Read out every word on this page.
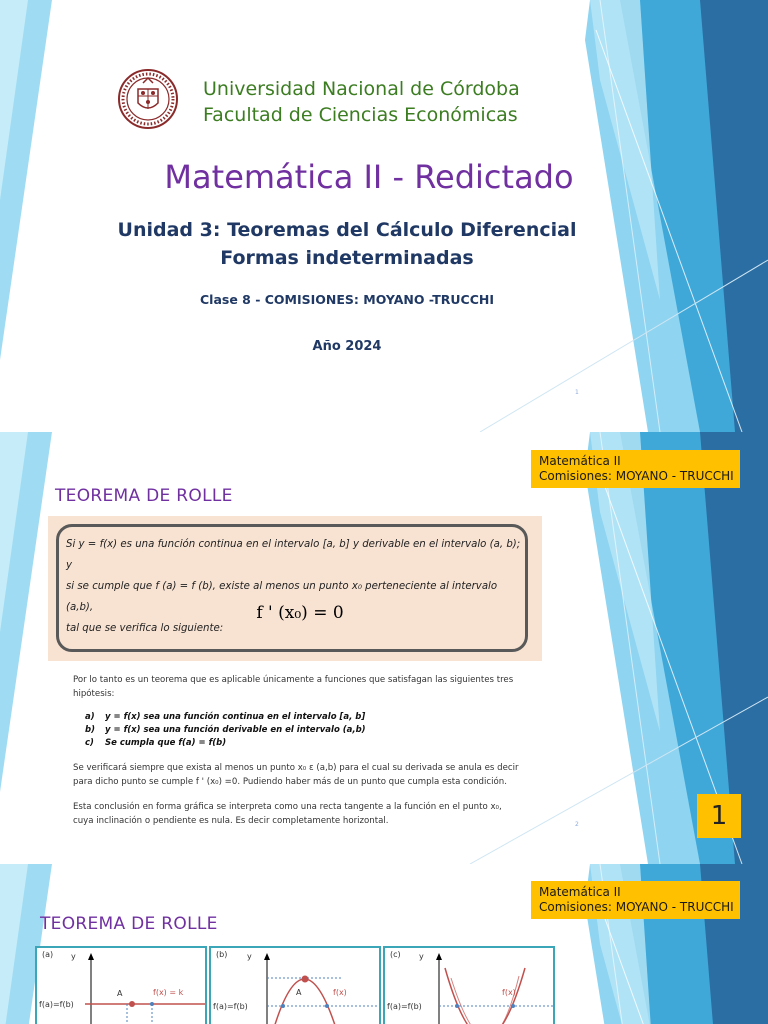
Universidad Nacional de Córdoba
Facultad de Ciencias Económicas
Matemática II - Redictado
Unidad 3: Teoremas del Cálculo Diferencial
Formas indeterminadas
Clase 8 - COMISIONES: MOYANO -TRUCCHI
Año 2024
1
Matemática II
Comisiones: MOYANO - TRUCCHI
TEOREMA DE ROLLE
Si y = f(x) es una función continua en el intervalo [a, b] y derivable en el intervalo (a, b); y
si se cumple que f (a) = f (b), existe al menos un punto x₀ perteneciente al intervalo (a,b),
tal que se verifica lo siguiente:
f ' (x₀) = 0
Por lo tanto es un teorema que es aplicable únicamente a funciones que satisfagan las siguientes tres hipótesis:
a) y = f(x) sea una función continua en el intervalo [a, b]
b) y = f(x) sea una función derivable en el intervalo (a,b)
c) Se cumpla que f(a) = f(b)
Se verificará siempre que exista al menos un punto x₀ ε (a,b) para el cual su derivada se anula es decir
para dicho punto se cumple f ' (x₀) =0. Pudiendo haber más de un punto que cumpla esta condición.
Esta conclusión en forma gráfica se interpreta como una recta tangente a la función en el punto x₀,
cuya inclinación o pendiente es nula. Es decir completamente horizontal.	1
2
Matemática II
Comisiones: MOYANO - TRUCCHI
TEOREMA DE ROLLE
(a) y
f(a)=f(b)
A	f(x) = k
(b) y
f(a)=f(b)
A	f(x)
(c) y
f(a)=f(b)
f(x)
